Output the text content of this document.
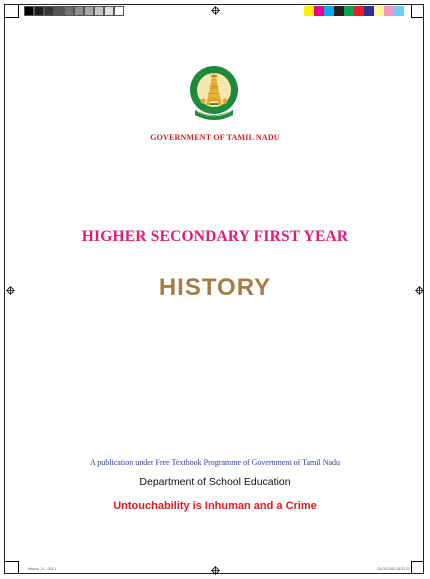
GOVERNMENT OF TAMIL NADU
HIGHER SECONDARY FIRST YEAR
HISTORY
A publication under Free Textbook Programme of Government of Tamil Nadu
Department of School Education
Untouchability is Inhuman and a Crime
History_11 - 001 1	03-03-2020 16:37:21
